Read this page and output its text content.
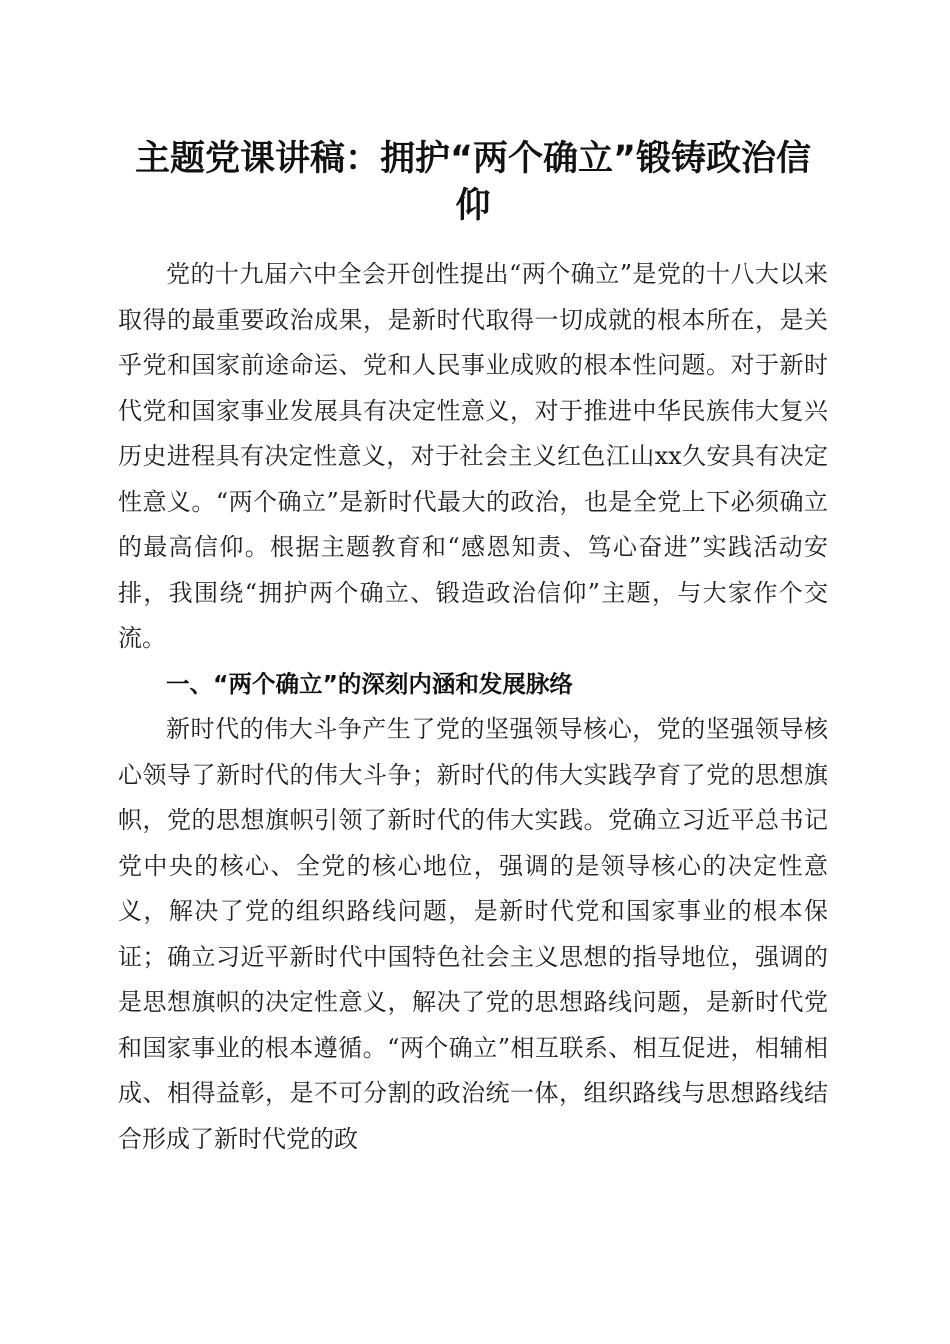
主题党课讲稿：拥护“两个确立”锻铸政治信仰

党的十九届六中全会开创性提出“两个确立”是党的十八大以来取得的最重要政治成果，是新时代取得一切成就的根本所在，是关乎党和国家前途命运、党和人民事业成败的根本性问题。对于新时代党和国家事业发展具有决定性意义，对于推进中华民族伟大复兴历史进程具有决定性意义，对于社会主义红色江山xx久安具有决定性意义。“两个确立”是新时代最大的政治，也是全党上下必须确立的最高信仰。根据主题教育和“感恩知责、笃心奋进”实践活动安排，我围绕“拥护两个确立、锻造政治信仰”主题，与大家作个交流。

一、“两个确立”的深刻内涵和发展脉络

新时代的伟大斗争产生了党的坚强领导核心，党的坚强领导核心领导了新时代的伟大斗争；新时代的伟大实践孕育了党的思想旗帜，党的思想旗帜引领了新时代的伟大实践。党确立习近平总书记党中央的核心、全党的核心地位，强调的是领导核心的决定性意义，解决了党的组织路线问题，是新时代党和国家事业的根本保证；确立习近平新时代中国特色社会主义思想的指导地位，强调的是思想旗帜的决定性意义，解决了党的思想路线问题，是新时代党和国家事业的根本遵循。“两个确立”相互联系、相互促进，相辅相成、相得益彰，是不可分割的政治统一体，组织路线与思想路线结合形成了新时代党的政
